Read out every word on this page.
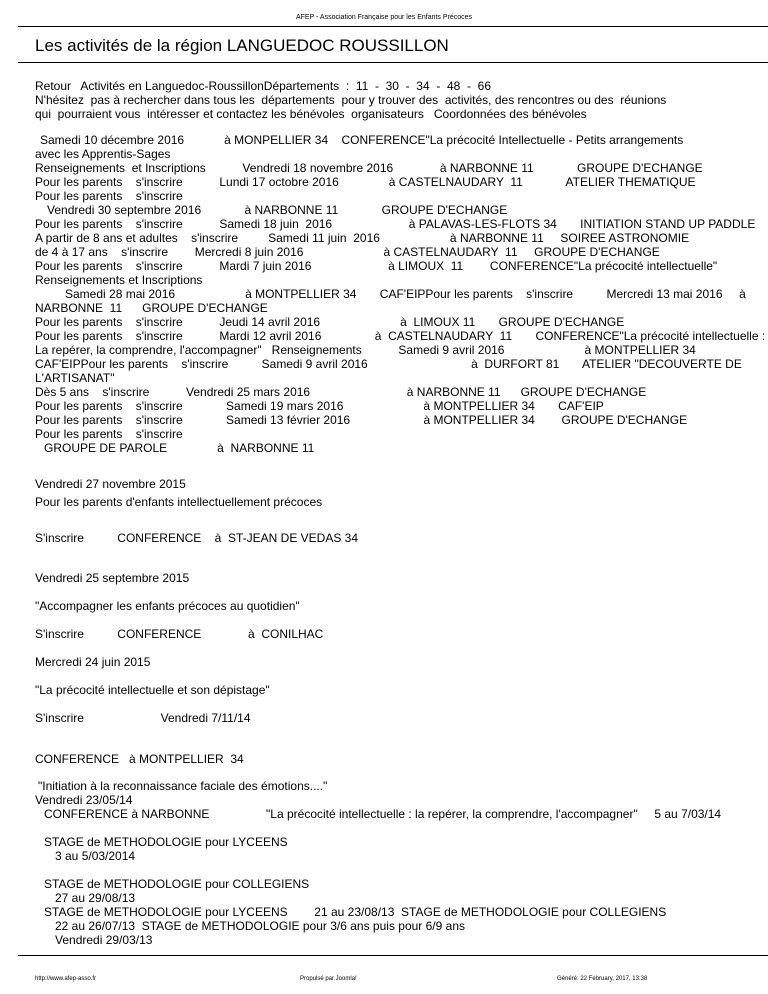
AFEP - Association Française pour les Enfants Précoces
Les activités de la région LANGUEDOC ROUSSILLON
Retour   Activités en Languedoc-RoussillonDépartements  :  11  -  30  -  34  -  48  -  66
N'hésitez  pas à rechercher dans tous les  départements  pour y trouver des  activités, des rencontres ou des  réunions
qui  pourraient vous  intéresser et contactez les bénévoles  organisateurs   Coordonnées des bénévoles
Samedi 10 décembre 2016            à MONPELLIER 34    CONFERENCE"La précocité Intellectuelle - Petits arrangements
avec les Apprentis-Sages
Renseignements  et Inscriptions           Vendredi 18 novembre 2016              à NARBONNE 11             GROUPE D'ECHANGE
Pour les parents    s'inscrire           Lundi 17 octobre 2016               à CASTELNAUDARY  11             ATELIER THEMATIQUE
Pour les parents    s'inscrire
Vendredi 30 septembre 2016             à NARBONNE 11             GROUPE D'ECHANGE
Pour les parents    s'inscrire           Samedi 18 juin  2016                       à PALAVAS-LES-FLOTS 34       INITIATION STAND UP PADDLE
A partir de 8 ans et adultes    s'inscrire         Samedi 11 juin  2016                     à NARBONNE 11     SOIREE ASTRONOMIE
de 4 à 17 ans    s'inscrire        Mercredi 8 juin 2016                        à CASTELNAUDARY  11     GROUPE D'ECHANGE
Pour les parents    s'inscrire           Mardi 7 juin 2016                       à LIMOUX  11        CONFERENCE"La précocité intellectuelle"
Renseignements et Inscriptions
Samedi 28 mai 2016                     à MONTPELLIER 34       CAF'EIPPour les parents    s'inscrire          Mercredi 13 mai 2016     à
NARBONNE  11      GROUPE D'ECHANGE
Pour les parents    s'inscrire           Jeudi 14 avril 2016                        à  LIMOUX 11       GROUPE D'ECHANGE
Pour les parents    s'inscrire           Mardi 12 avril 2016                à  CASTELNAUDARY  11       CONFERENCE"La précocité intellectuelle :
La repérer, la comprendre, l'accompagner"   Renseignements           Samedi 9 avril 2016                        à MONTPELLIER 34
CAF'EIPPour les parents    s'inscrire          Samedi 9 avril 2016                               à  DURFORT 81       ATELIER "DECOUVERTE DE
L'ARTISANAT"
Dès 5 ans    s'inscrire           Vendredi 25 mars 2016                             à NARBONNE 11      GROUPE D'ECHANGE
Pour les parents    s'inscrire             Samedi 19 mars 2016                        à MONTPELLIER 34       CAF'EIP
Pour les parents    s'inscrire             Samedi 13 février 2016                      à MONTPELLIER 34        GROUPE D'ECHANGE
Pour les parents    s'inscrire
GROUPE DE PAROLE               à  NARBONNE 11
Vendredi 27 novembre 2015
Pour les parents d'enfants intellectuellement précoces
S'inscrire          CONFERENCE    à  ST-JEAN DE VEDAS 34
Vendredi 25 septembre 2015
"Accompagner les enfants précoces au quotidien"
S'inscrire          CONFERENCE              à  CONILHAC
Mercredi 24 juin 2015
"La précocité intellectuelle et son dépistage"
S'inscrire                       Vendredi 7/11/14
CONFERENCE   à MONTPELLIER  34
"Initiation à la reconnaissance faciale des émotions...."
Vendredi 23/05/14
CONFERENCE à NARBONNE                 "La précocité intellectuelle : la repérer, la comprendre, l'accompagner"     5 au 7/03/14
STAGE de METHODOLOGIE pour LYCEENS
3 au 5/03/2014
STAGE de METHODOLOGIE pour COLLEGIENS
27 au 29/08/13
STAGE de METHODOLOGIE pour LYCEENS        21 au 23/08/13  STAGE de METHODOLOGIE pour COLLEGIENS
22 au 26/07/13  STAGE de METHODOLOGIE pour 3/6 ans puis pour 6/9 ans
Vendredi 29/03/13
http://www.afep-asso.fr	Propulsé par Joomla!	Généré: 22 February, 2017, 13:38
